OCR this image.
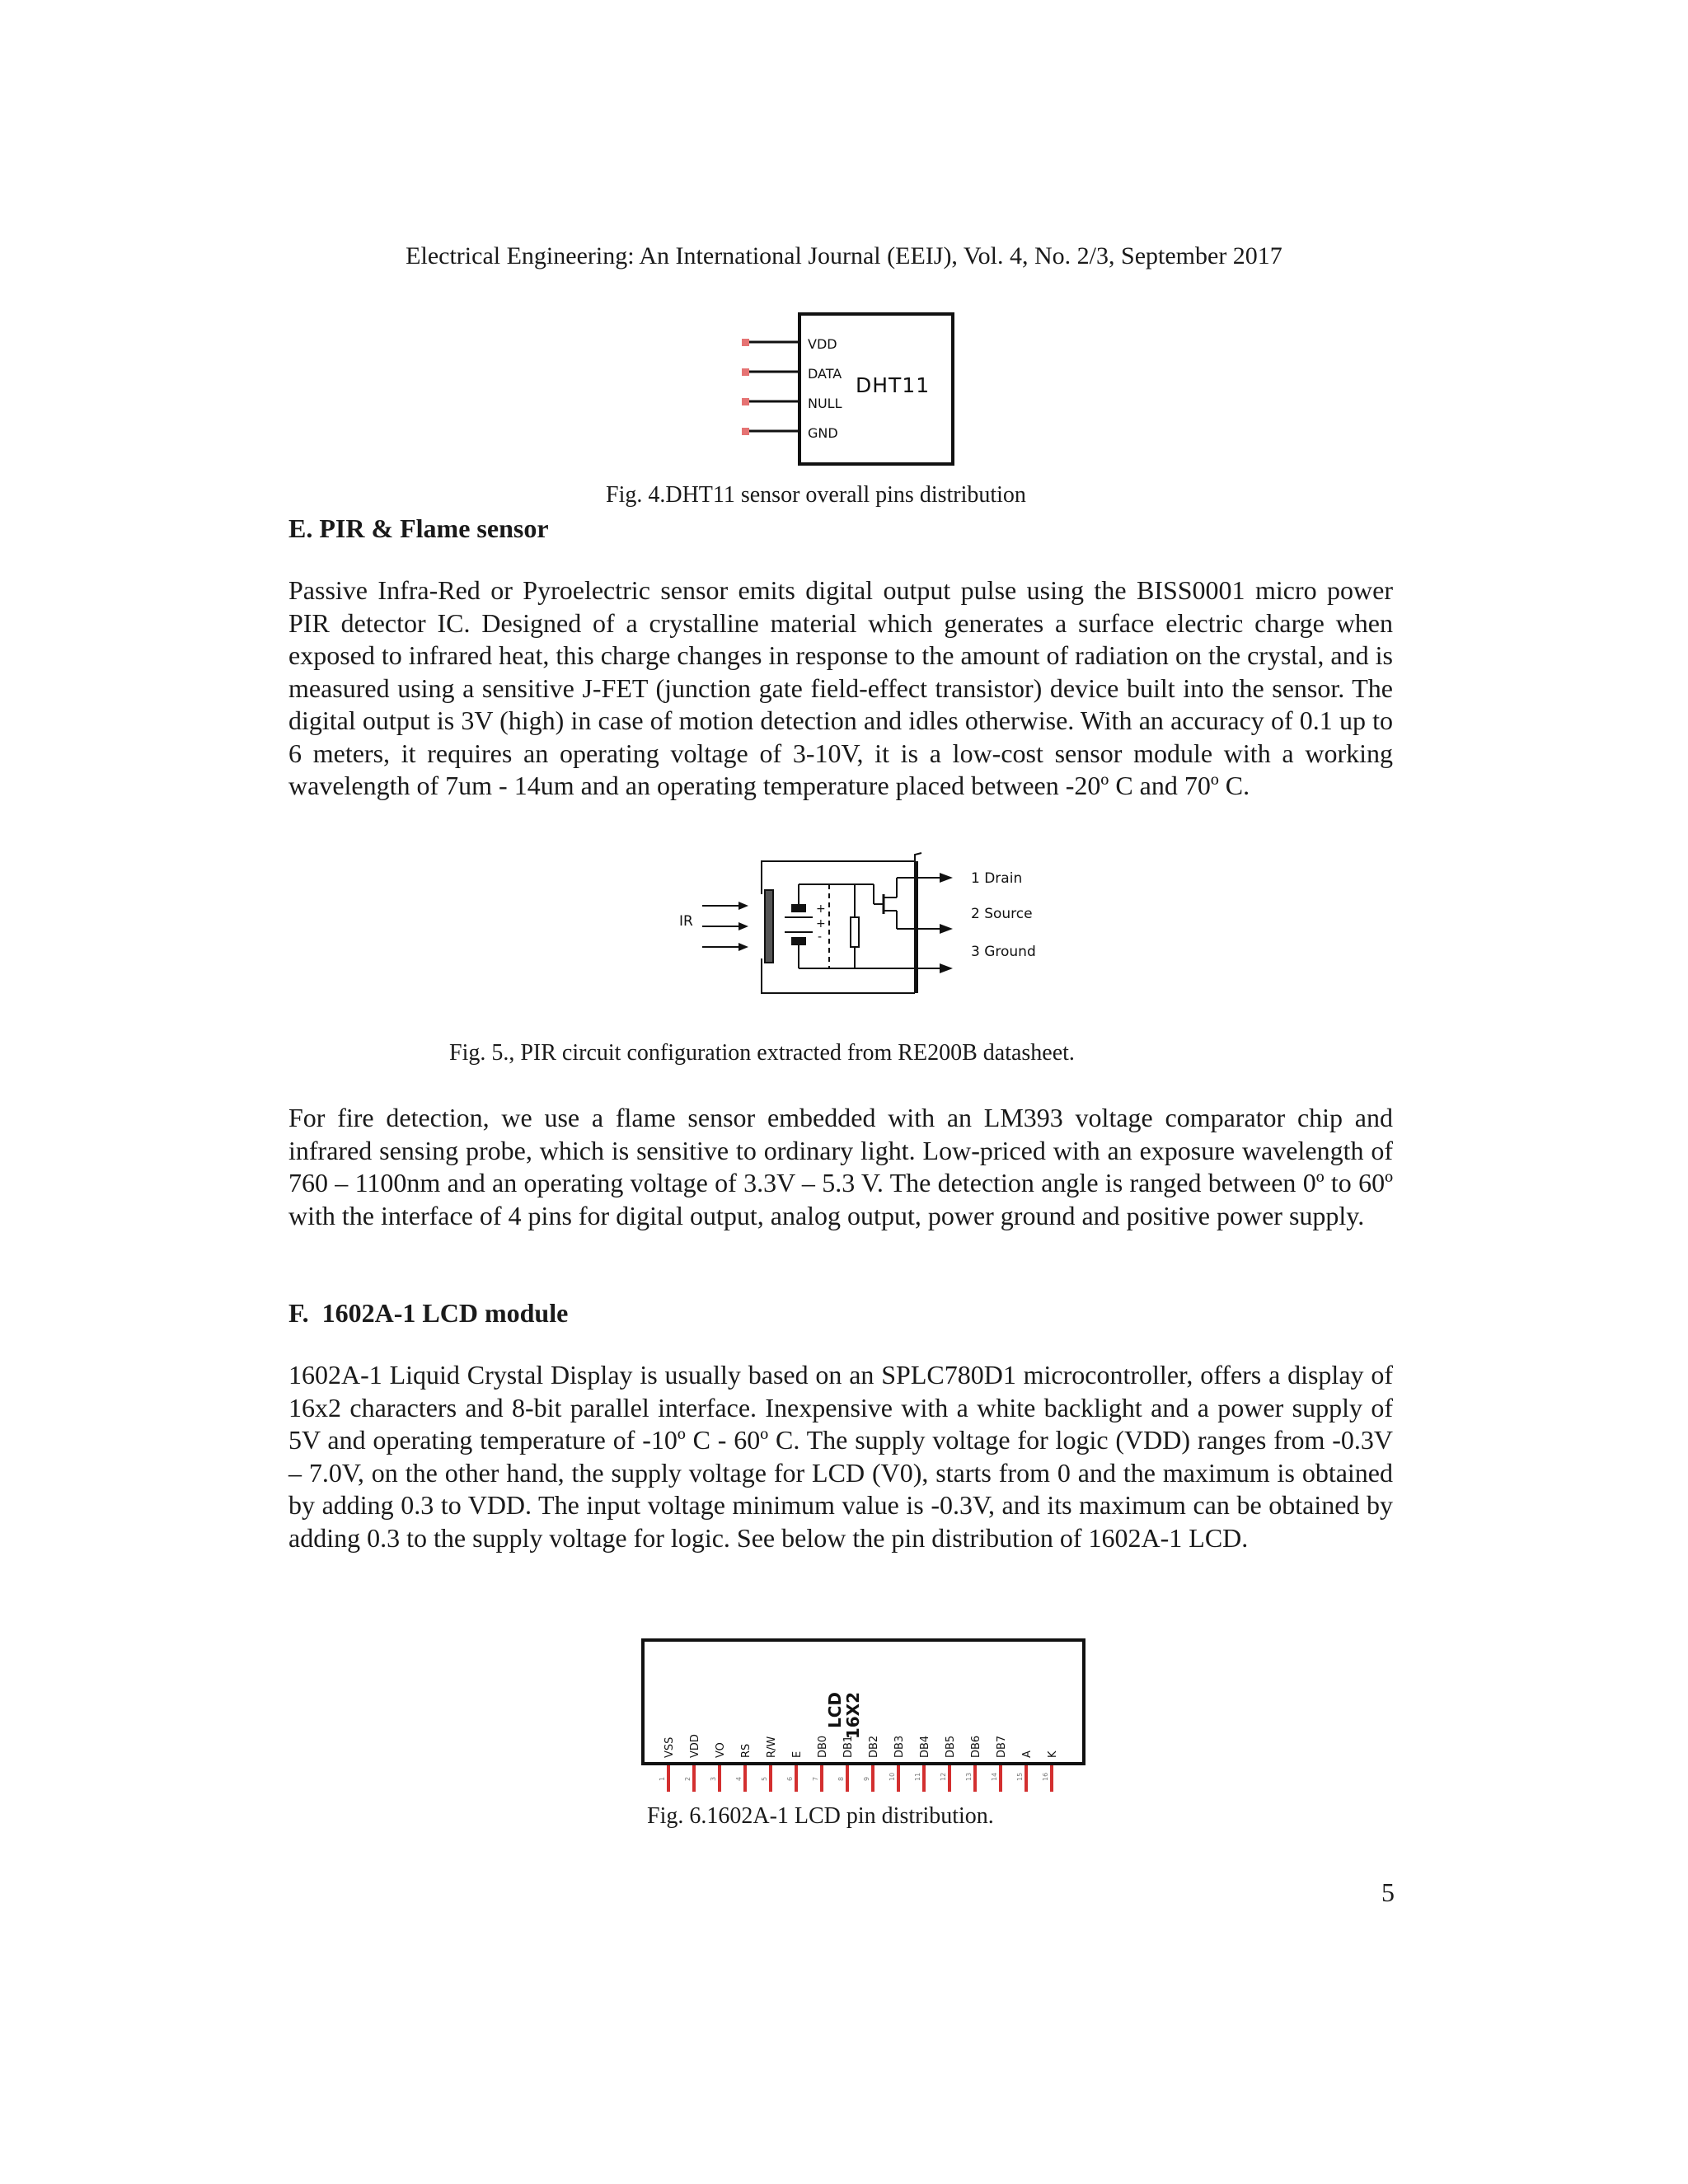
Electrical Engineering: An International Journal (EEIJ), Vol. 4, No. 2/3, September 2017
VDD
DATA
NULL
GND
DHT11
Fig. 4.DHT11 sensor overall pins distribution
E. PIR & Flame sensor
Passive Infra-Red or Pyroelectric sensor emits digital output pulse using the BISS0001 micro power PIR detector IC. Designed of a crystalline material which generates a surface electric charge when exposed to infrared heat, this charge changes in response to the amount of radiation on the crystal, and is measured using a sensitive J-FET (junction gate field-effect transistor) device built into the sensor. The digital output is 3V (high) in case of motion detection and idles otherwise. With an accuracy of 0.1 up to 6 meters, it requires an operating voltage of 3-10V, it is a low-cost sensor module with a working wavelength of 7um - 14um and an operating temperature placed between -20º C and 70º C.
IR
+
+
-
1 Drain
2 Source
3 Ground
Fig. 5., PIR circuit configuration extracted from RE200B datasheet.
For fire detection, we use a flame sensor embedded with an LM393 voltage comparator chip and infrared sensing probe, which is sensitive to ordinary light. Low-priced with an exposure wavelength of 760 – 1100nm and an operating voltage of 3.3V – 5.3 V. The detection angle is ranged between 0º to 60º with the interface of 4 pins for digital output, analog output, power ground and positive power supply.
F.  1602A-1 LCD module
1602A-1 Liquid Crystal Display is usually based on an SPLC780D1 microcontroller, offers a display of 16x2 characters and 8-bit parallel interface. Inexpensive with a white backlight and a power supply of 5V and operating temperature of -10º C - 60º C. The supply voltage for logic (VDD) ranges from -0.3V – 7.0V, on the other hand, the supply voltage for LCD (V0), starts from 0 and the maximum is obtained by adding 0.3 to VDD. The input voltage minimum value is -0.3V, and its maximum can be obtained by adding 0.3 to the supply voltage for logic. See below the pin distribution of 1602A-1 LCD.
LCD
16X2
VSS
1
VDD
2
VO
3
RS
4
R/W
5
E
6
DB0
7
DB1
8
DB2
9
DB3
10
DB4
11
DB5
12
DB6
13
DB7
14
A
15
K
16
Fig. 6.1602A-1 LCD pin distribution.
5
